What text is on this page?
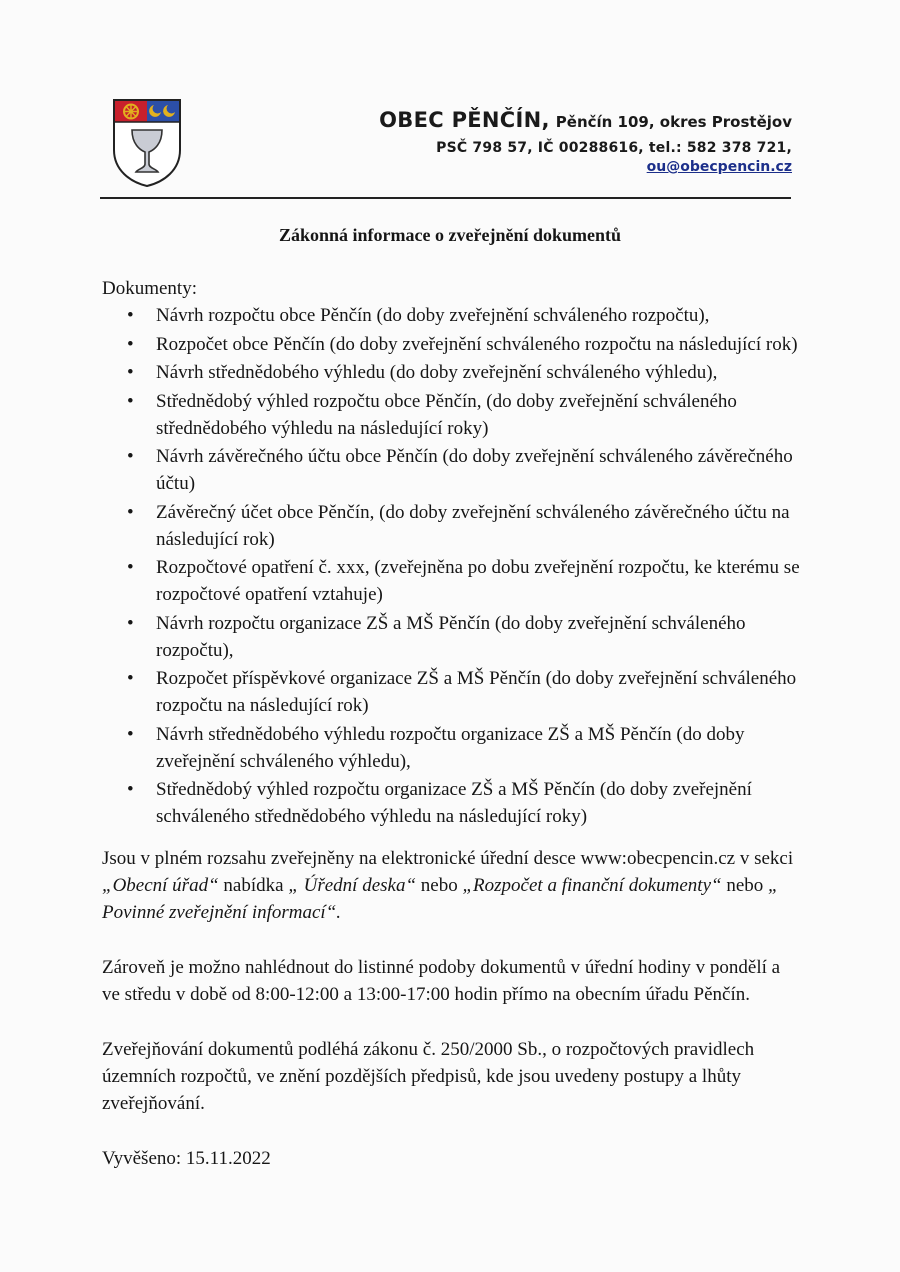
OBEC PĚNČÍN, Pěnčín 109, okres Prostějov
PSČ 798 57, IČ 00288616, tel.: 582 378 721,
ou@obecpencin.cz
Zákonná informace o zveřejnění dokumentů

Dokumenty:

• Návrh rozpočtu obce Pěnčín (do doby zveřejnění schváleného rozpočtu),
• Rozpočet obce Pěnčín (do doby zveřejnění schváleného rozpočtu na následující rok)
• Návrh střednědobého výhledu (do doby zveřejnění schváleného výhledu),
• Střednědobý výhled rozpočtu obce Pěnčín, (do doby zveřejnění schváleného střednědobého výhledu na následující roky)
• Návrh závěrečného účtu obce Pěnčín (do doby zveřejnění schváleného závěrečného účtu)
• Závěrečný účet obce Pěnčín, (do doby zveřejnění schváleného závěrečného účtu na následující rok)
• Rozpočtové opatření č. xxx, (zveřejněna po dobu zveřejnění rozpočtu, ke kterému se rozpočtové opatření vztahuje)
• Návrh rozpočtu organizace ZŠ a MŠ Pěnčín (do doby zveřejnění schváleného rozpočtu),
• Rozpočet příspěvkové organizace ZŠ a MŠ Pěnčín (do doby zveřejnění schváleného rozpočtu na následující rok)
• Návrh střednědobého výhledu rozpočtu organizace ZŠ a MŠ Pěnčín (do doby zveřejnění schváleného výhledu),
• Střednědobý výhled rozpočtu organizace ZŠ a MŠ Pěnčín (do doby zveřejnění schváleného střednědobého výhledu na následující roky)

Jsou v plném rozsahu zveřejněny na elektronické úřední desce www:obecpencin.cz v sekci „Obecní úřad“ nabídka „ Úřední deska“ nebo „Rozpočet a finanční dokumenty“ nebo „ Povinné zveřejnění informací“.

Zároveň je možno nahlédnout do listinné podoby dokumentů v úřední hodiny v pondělí a ve středu v době od 8:00-12:00 a 13:00-17:00 hodin přímo na obecním úřadu Pěnčín.

Zveřejňování dokumentů podléhá zákonu č. 250/2000 Sb., o rozpočtových pravidlech územních rozpočtů, ve znění pozdějších předpisů, kde jsou uvedeny postupy a lhůty zveřejňování.

Vyvěšeno: 15.11.2022
